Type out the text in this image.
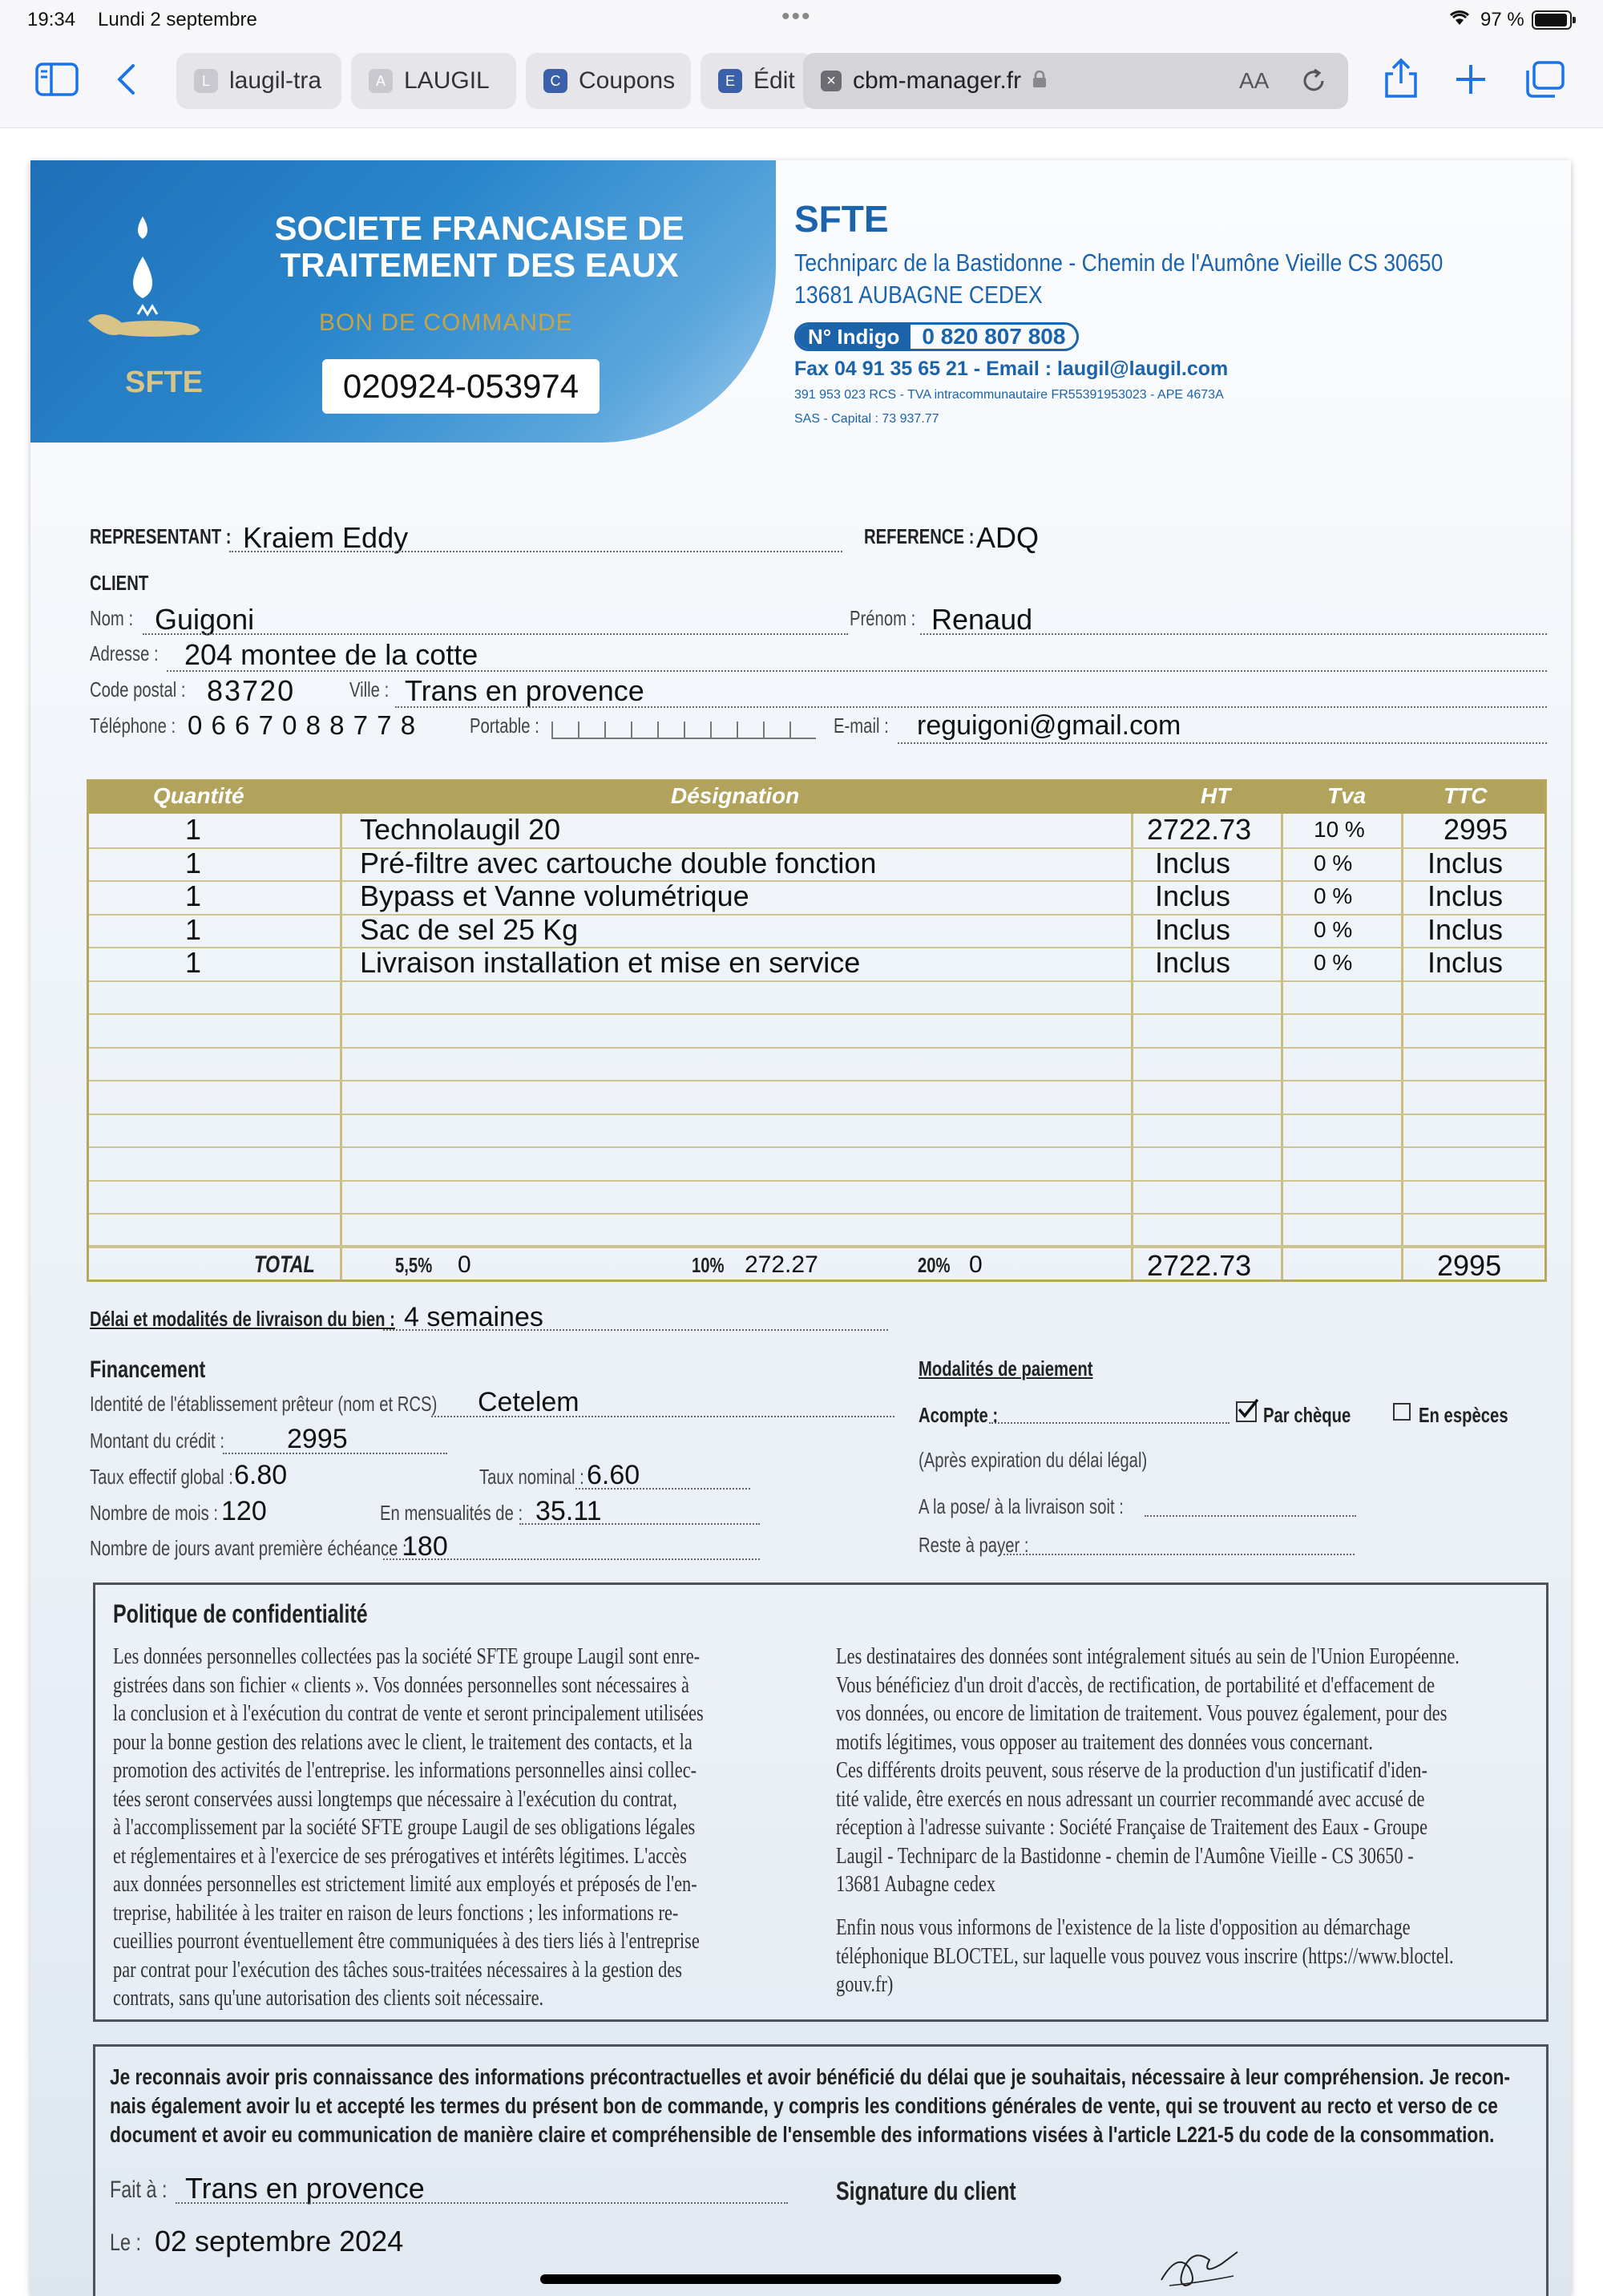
19:34 Lundi 2 septembre	•••	97 %
L laugil-tra	A LAUGIL	C Coupons	E Édit	× cbm-manager.fr	AA
SOCIETE FRANCAISE DE
TRAITEMENT DES EAUX
BON DE COMMANDE
SFTE	020924-053974
SFTE
Techniparc de la Bastidonne - Chemin de l'Aumône Vieille CS 30650
13681 AUBAGNE CEDEX
N° Indigo	0 820 807 808
Fax 04 91 35 65 21 - Email : laugil@laugil.com
391 953 023 RCS - TVA intracommunautaire FR55391953023 - APE 4673A
SAS - Capital : 73 937.77
REPRESENTANT : Kraiem Eddy	REFERENCE : ADQ
CLIENT
Nom : Guigoni	Prénom : Renaud
Adresse : 204 montee de la cotte
Code postal : 83720	Ville : Trans en provence
Téléphone : 0 6 6 7 0 8 8 7 7 8	Portable :	E-mail : reguigoni@gmail.com
Quantité	Désignation	HT	Tva	TTC
1	Technolaugil 20	2722.73	10 %	2995
1	Pré-filtre avec cartouche double fonction	Inclus	0 %	Inclus
1	Bypass et Vanne volumétrique	Inclus	0 %	Inclus
1	Sac de sel 25 Kg	Inclus	0 %	Inclus
1	Livraison installation et mise en service	Inclus	0 %	Inclus
TOTAL	5,5% 0	10% 272.27	20% 0	2722.73	2995
Délai et modalités de livraison du bien : 4 semaines
Financement
Identité de l'établissement prêteur (nom et RCS) Cetelem
Montant du crédit : 2995
Taux effectif global : 6.80	Taux nominal : 6.60
Nombre de mois : 120	En mensualités de : 35.11
Nombre de jours avant première échéance :
180
Modalités de paiement
Acompte :	Par chèque	En espèces
(Après expiration du délai légal)
A la pose/ à la livraison soit :
Reste à payer :
Politique de confidentialité
Les données personnelles collectées pas la société SFTE groupe Laugil sont enre-
gistrées dans son fichier « clients ». Vos données personnelles sont nécessaires à
la conclusion et à l'exécution du contrat de vente et seront principalement utilisées
pour la bonne gestion des relations avec le client, le traitement des contacts, et la
promotion des activités de l'entreprise. les informations personnelles ainsi collec-
tées seront conservées aussi longtemps que nécessaire à l'exécution du contrat,
à l'accomplissement par la société SFTE groupe Laugil de ses obligations légales
et réglementaires et à l'exercice de ses prérogatives et intérêts légitimes. L'accès
aux données personnelles est strictement limité aux employés et préposés de l'en-
treprise, habilitée à les traiter en raison de leurs fonctions ; les informations re-
cueillies pourront éventuellement être communiquées à des tiers liés à l'entreprise
par contrat pour l'exécution des tâches sous-traitées nécessaires à la gestion des
contrats, sans qu'une autorisation des clients soit nécessaire.
Les destinataires des données sont intégralement situés au sein de l'Union Européenne.
Vous bénéficiez d'un droit d'accès, de rectification, de portabilité et d'effacement de
vos données, ou encore de limitation de traitement. Vous pouvez également, pour des
motifs légitimes, vous opposer au traitement des données vous concernant.
Ces différents droits peuvent, sous réserve de la production d'un justificatif d'iden-
tité valide, être exercés en nous adressant un courrier recommandé avec accusé de
réception à l'adresse suivante : Société Française de Traitement des Eaux - Groupe
Laugil - Techniparc de la Bastidonne - chemin de l'Aumône Vieille - CS 30650 -
13681 Aubagne cedex
Enfin nous vous informons de l'existence de la liste d'opposition au démarchage
téléphonique BLOCTEL, sur laquelle vous pouvez vous inscrire (https://www.bloctel.
gouv.fr)
Je reconnais avoir pris connaissance des informations précontractuelles et avoir bénéficié du délai que je souhaitais, nécessaire à leur compréhension. Je recon-
nais également avoir lu et accepté les termes du présent bon de commande, y compris les conditions générales de vente, qui se trouvent au recto et verso de ce
document et avoir eu communication de manière claire et compréhensible de l'ensemble des informations visées à l'article L221-5 du code de la consommation.
Fait à : Trans en provence
Le : 02 septembre 2024
Signature du client
